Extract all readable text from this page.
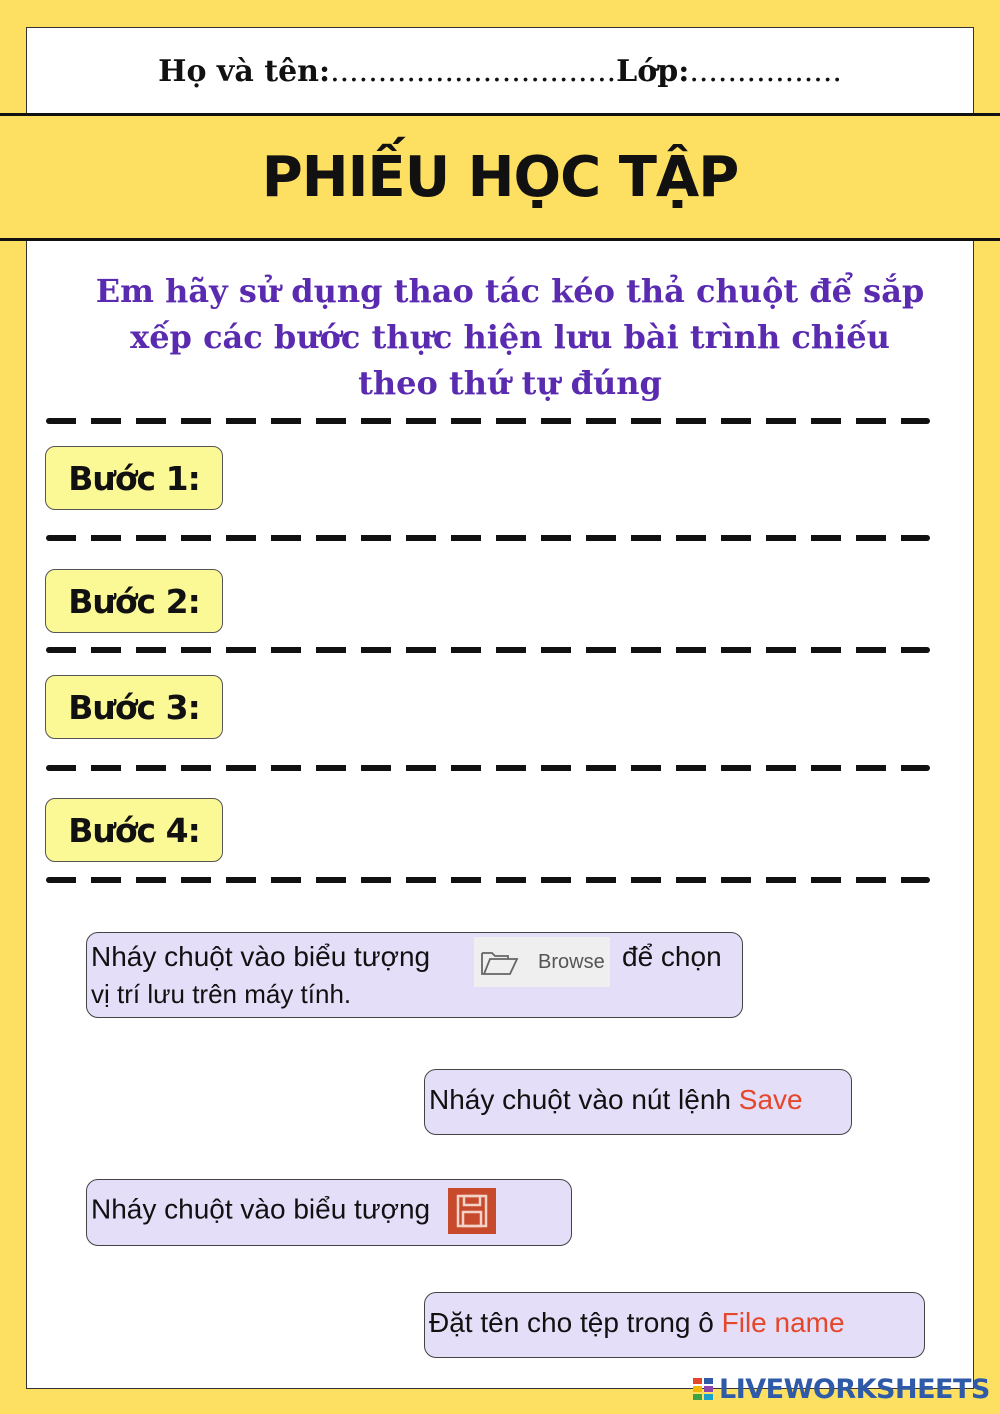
Họ và tên: .............................. Lớp: ................
PHIẾU HỌC TẬP
Em hãy sử dụng thao tác kéo thả chuột để sắp
xếp các bước thực hiện lưu bài trình chiếu
theo thứ tự đúng
Bước 1:
Bước 2:
Bước 3:
Bước 4:
Nháy chuột vào biểu tượng	Browse để chọn
vị trí lưu trên máy tính.
Nháy chuột vào nút lệnh Save
Nháy chuột vào biểu tượng
Đặt tên cho tệp trong ô File name
LIVEWORKSHEETS
